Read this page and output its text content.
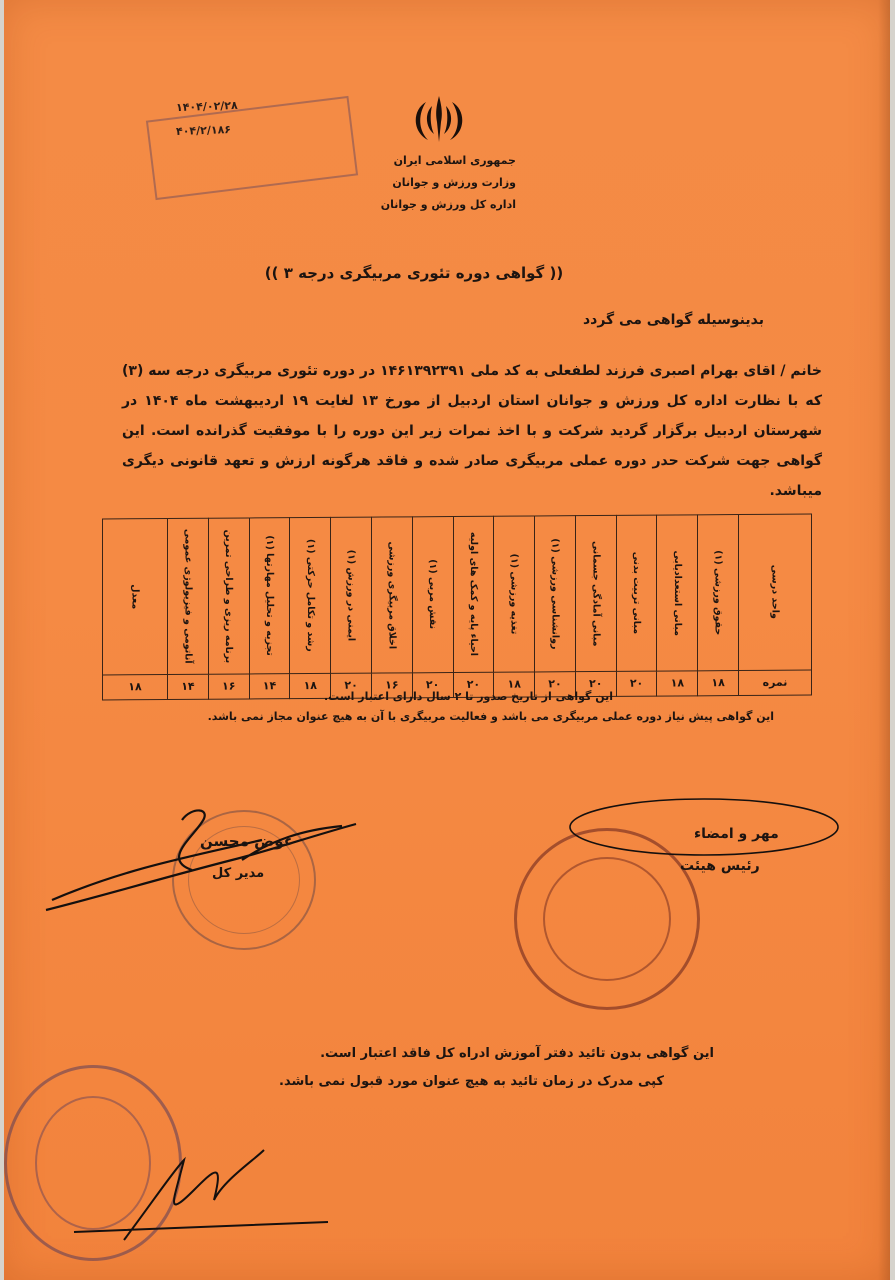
جمهوری اسلامی ایران
وزارت ورزش و جوانان
اداره کل ورزش و جوانان
۱۴۰۴/۰۲/۲۸
۴۰۴/۲/۱۸۶
(( گواهی دوره تئوری مربیگری درجه ۳ ))
بدینوسیله گواهی می گردد
خانم / اقای بهرام اصبری فرزند لطفعلی به کد ملی ۱۴۶۱۳۹۲۳۹۱ در دوره تئوری مربیگری درجه سه (۳) که با نظارت اداره کل ورزش و جوانان استان اردبیل از مورخ ۱۳ لغایت ۱۹ اردیبهشت ماه ۱۴۰۴ در شهرستان اردبیل برگزار گردید شرکت و با اخذ نمرات زیر این دوره را با موفقیت گذرانده است. این گواهی جهت شرکت حدر دوره عملی مربیگری صادر شده و فاقد هرگونه ارزش و تعهد قانونی دیگری میباشد.
واحد درسی	حقوق ورزشی (۱)	مبانی استعدادیابی	مبانی تربیت بدنی	مبانی آمادگی جسمانی	روانشناسی ورزشی (۱)	تغذیه ورزشی (۱)	احیاء پایه و کمک های اولیه	نقش مربی (۱)	اخلاق مربیگری ورزشی	ایمنی در ورزش (۱)	رشد و تکامل حرکتی (۱)	تجزیه و تحلیل مهارتها (۱)	برنامه ریزی و طراحی تمرین	آناتومی و فیزیولوژی عمومی	معدل

نمره	۱۸	۱۸	۲۰	۲۰	۲۰	۱۸	۲۰	۲۰	۱۶	۲۰	۱۸	۱۴	۱۶	۱۴	۱۸
این گواهی از تاریخ صدور تا ۲ سال دارای اعتبار است.
این گواهی پیش نیاز دوره عملی مربیگری می باشد و فعالیت مربیگری با آن به هیچ عنوان مجاز نمی باشد.
عوض محسن
مدیر کل
مهر و امضاء
رئیس هیئت
این گواهی بدون تائید دفتر آموزش ادراه کل فاقد اعتبار است.
کپی مدرک در زمان تائید به هیچ عنوان مورد قبول نمی باشد.
